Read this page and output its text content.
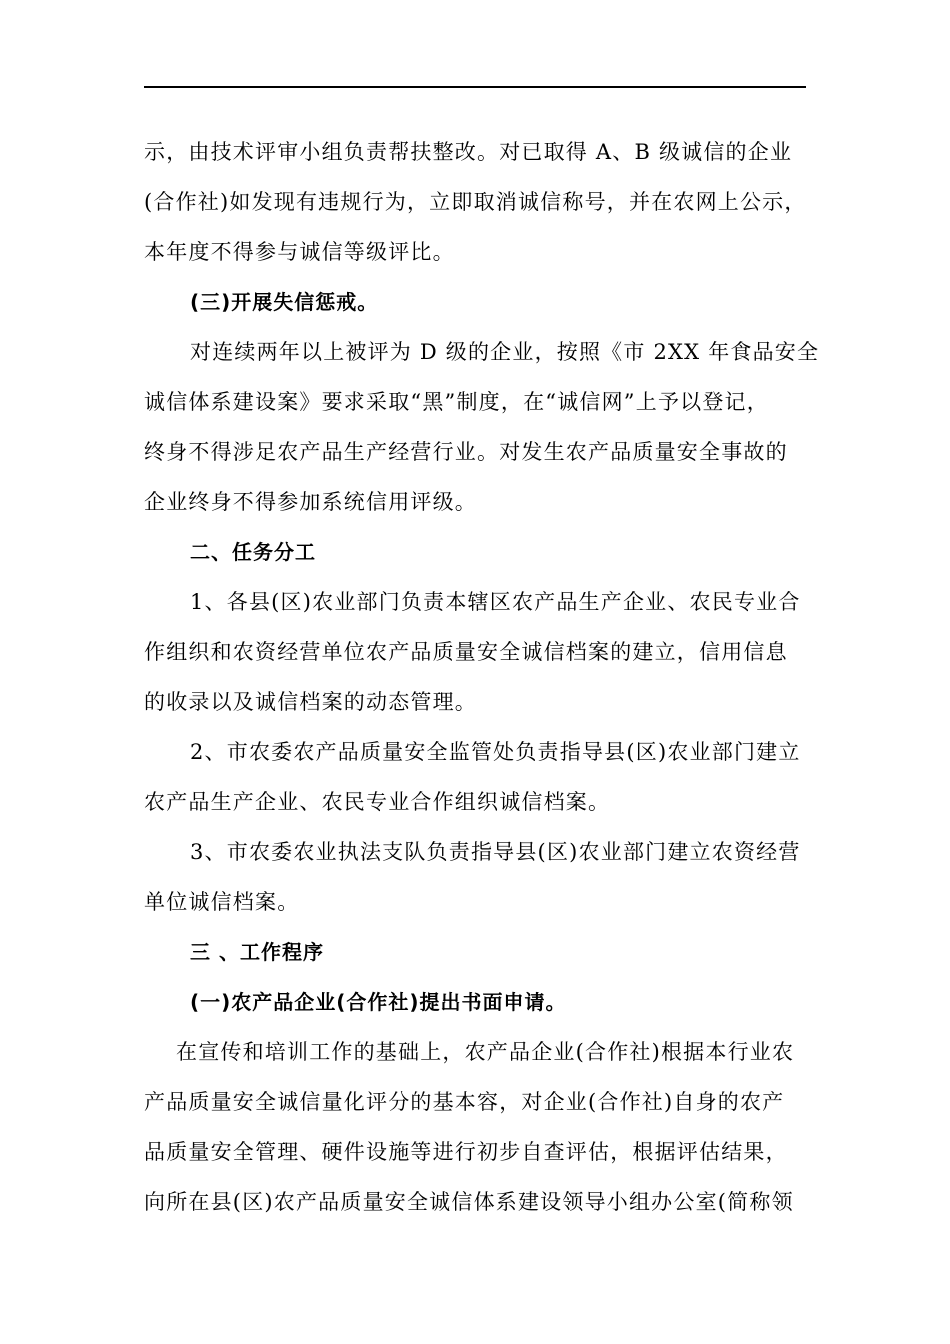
示，由技术评审小组负责帮扶整改。对已取得 A、B 级诚信的企业
(合作社)如发现有违规行为，立即取消诚信称号，并在农网上公示，
本年度不得参与诚信等级评比。
(三)开展失信惩戒。
对连续两年以上被评为 D 级的企业，按照《市 2XX 年食品安全
诚信体系建设案》要求采取“黑”制度，在“诚信网”上予以登记，
终身不得涉足农产品生产经营行业。对发生农产品质量安全事故的
企业终身不得参加系统信用评级。
二、任务分工
1、各县(区)农业部门负责本辖区农产品生产企业、农民专业合
作组织和农资经营单位农产品质量安全诚信档案的建立，信用信息
的收录以及诚信档案的动态管理。
2、市农委农产品质量安全监管处负责指导县(区)农业部门建立
农产品生产企业、农民专业合作组织诚信档案。
3、市农委农业执法支队负责指导县(区)农业部门建立农资经营
单位诚信档案。
三 、工作程序
(一)农产品企业(合作社)提出书面申请。
在宣传和培训工作的基础上，农产品企业(合作社)根据本行业农
产品质量安全诚信量化评分的基本容，对企业(合作社)自身的农产
品质量安全管理、硬件设施等进行初步自查评估，根据评估结果，
向所在县(区)农产品质量安全诚信体系建设领导小组办公室(简称领
